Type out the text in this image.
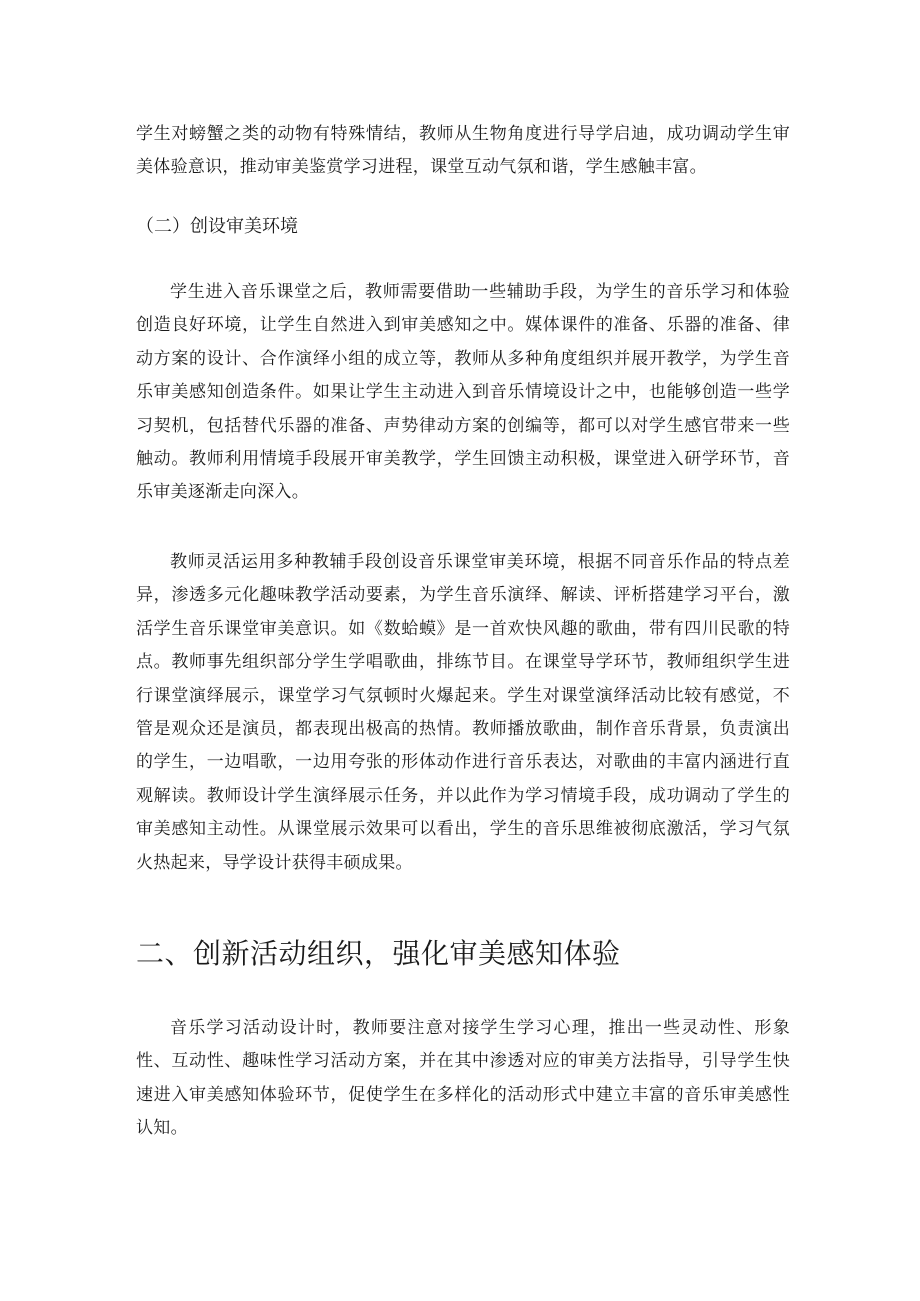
学生对螃蟹之类的动物有特殊情结，教师从生物角度进行导学启迪，成功调动学生审美体验意识，推动审美鉴赏学习进程，课堂互动气氛和谐，学生感触丰富。

（二）创设审美环境

学生进入音乐课堂之后，教师需要借助一些辅助手段，为学生的音乐学习和体验创造良好环境，让学生自然进入到审美感知之中。媒体课件的准备、乐器的准备、律动方案的设计、合作演绎小组的成立等，教师从多种角度组织并展开教学，为学生音乐审美感知创造条件。如果让学生主动进入到音乐情境设计之中，也能够创造一些学习契机，包括替代乐器的准备、声势律动方案的创编等，都可以对学生感官带来一些触动。教师利用情境手段展开审美教学，学生回馈主动积极，课堂进入研学环节，音乐审美逐渐走向深入。

教师灵活运用多种教辅手段创设音乐课堂审美环境，根据不同音乐作品的特点差异，渗透多元化趣味教学活动要素，为学生音乐演绎、解读、评析搭建学习平台，激活学生音乐课堂审美意识。如《数蛤蟆》是一首欢快风趣的歌曲，带有四川民歌的特点。教师事先组织部分学生学唱歌曲，排练节目。在课堂导学环节，教师组织学生进行课堂演绎展示，课堂学习气氛顿时火爆起来。学生对课堂演绎活动比较有感觉，不管是观众还是演员，都表现出极高的热情。教师播放歌曲，制作音乐背景，负责演出的学生，一边唱歌，一边用夸张的形体动作进行音乐表达，对歌曲的丰富内涵进行直观解读。教师设计学生演绎展示任务，并以此作为学习情境手段，成功调动了学生的审美感知主动性。从课堂展示效果可以看出，学生的音乐思维被彻底激活，学习气氛火热起来，导学设计获得丰硕成果。

二、创新活动组织，强化审美感知体验

音乐学习活动设计时，教师要注意对接学生学习心理，推出一些灵动性、形象性、互动性、趣味性学习活动方案，并在其中渗透对应的审美方法指导，引导学生快速进入审美感知体验环节，促使学生在多样化的活动形式中建立丰富的音乐审美感性认知。
